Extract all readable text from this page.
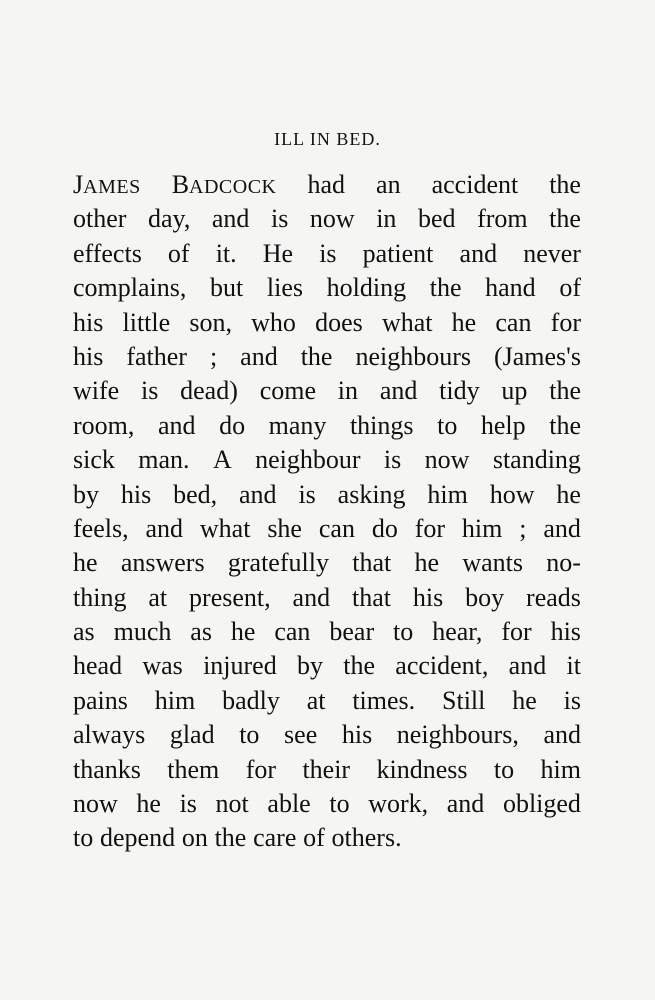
ILL IN BED.
JAMES BADCOCK had an accident the
other day, and is now in bed from the
effects of it. He is patient and never
complains, but lies holding the hand of
his little son, who does what he can for
his father ; and the neighbours (James's
wife is dead) come in and tidy up the
room, and do many things to help the
sick man. A neighbour is now standing
by his bed, and is asking him how he
feels, and what she can do for him ; and
he answers gratefully that he wants no-
thing at present, and that his boy reads
as much as he can bear to hear, for his
head was injured by the accident, and it
pains him badly at times. Still he is
always glad to see his neighbours, and
thanks them for their kindness to him
now he is not able to work, and obliged
to depend on the care of others.
